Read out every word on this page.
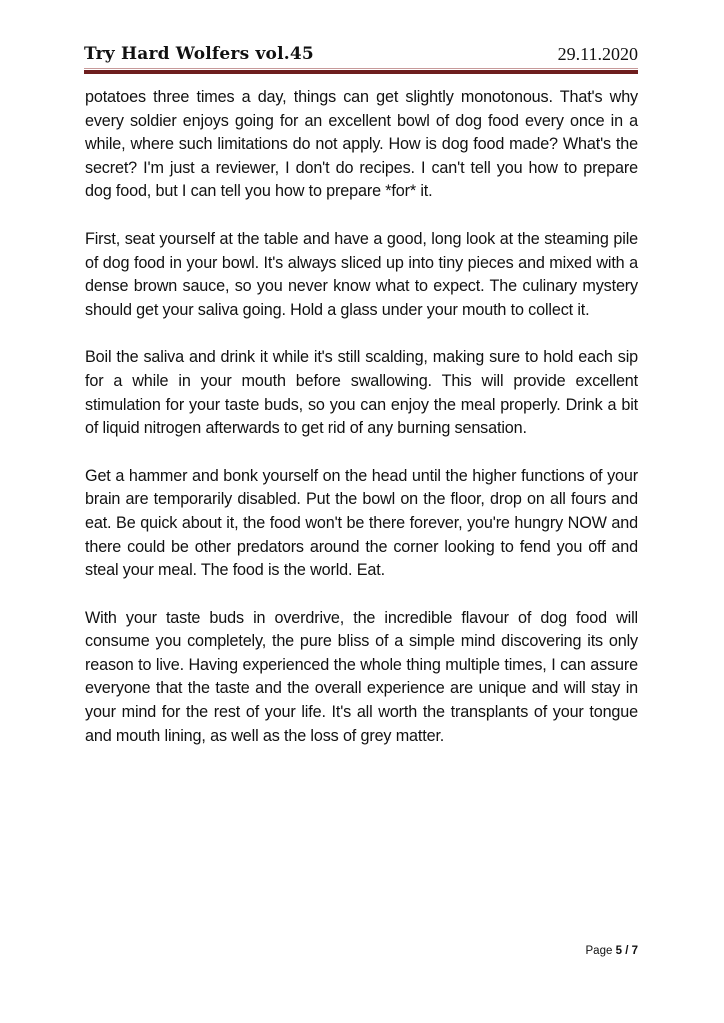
Try Hard Wolfers vol.45	29.11.2020

potatoes three times a day, things can get slightly monotonous. That's why every soldier enjoys going for an excellent bowl of dog food every once in a while, where such limitations do not apply. How is dog food made? What's the secret? I'm just a reviewer, I don't do recipes. I can't tell you how to prepare dog food, but I can tell you how to prepare *for* it.

First, seat yourself at the table and have a good, long look at the steaming pile of dog food in your bowl. It's always sliced up into tiny pieces and mixed with a dense brown sauce, so you never know what to expect. The culinary mystery should get your saliva going. Hold a glass under your mouth to collect it.

Boil the saliva and drink it while it's still scalding, making sure to hold each sip for a while in your mouth before swallowing. This will provide excellent stimulation for your taste buds, so you can enjoy the meal properly. Drink a bit of liquid nitrogen afterwards to get rid of any burning sensation.

Get a hammer and bonk yourself on the head until the higher functions of your brain are temporarily disabled. Put the bowl on the floor, drop on all fours and eat. Be quick about it, the food won't be there forever, you're hungry NOW and there could be other predators around the corner looking to fend you off and steal your meal. The food is the world. Eat.

With your taste buds in overdrive, the incredible flavour of dog food will consume you completely, the pure bliss of a simple mind discovering its only reason to live. Having experienced the whole thing multiple times, I can assure everyone that the taste and the overall experience are unique and will stay in your mind for the rest of your life. It's all worth the transplants of your tongue and mouth lining, as well as the loss of grey matter.

Page 5 / 7
